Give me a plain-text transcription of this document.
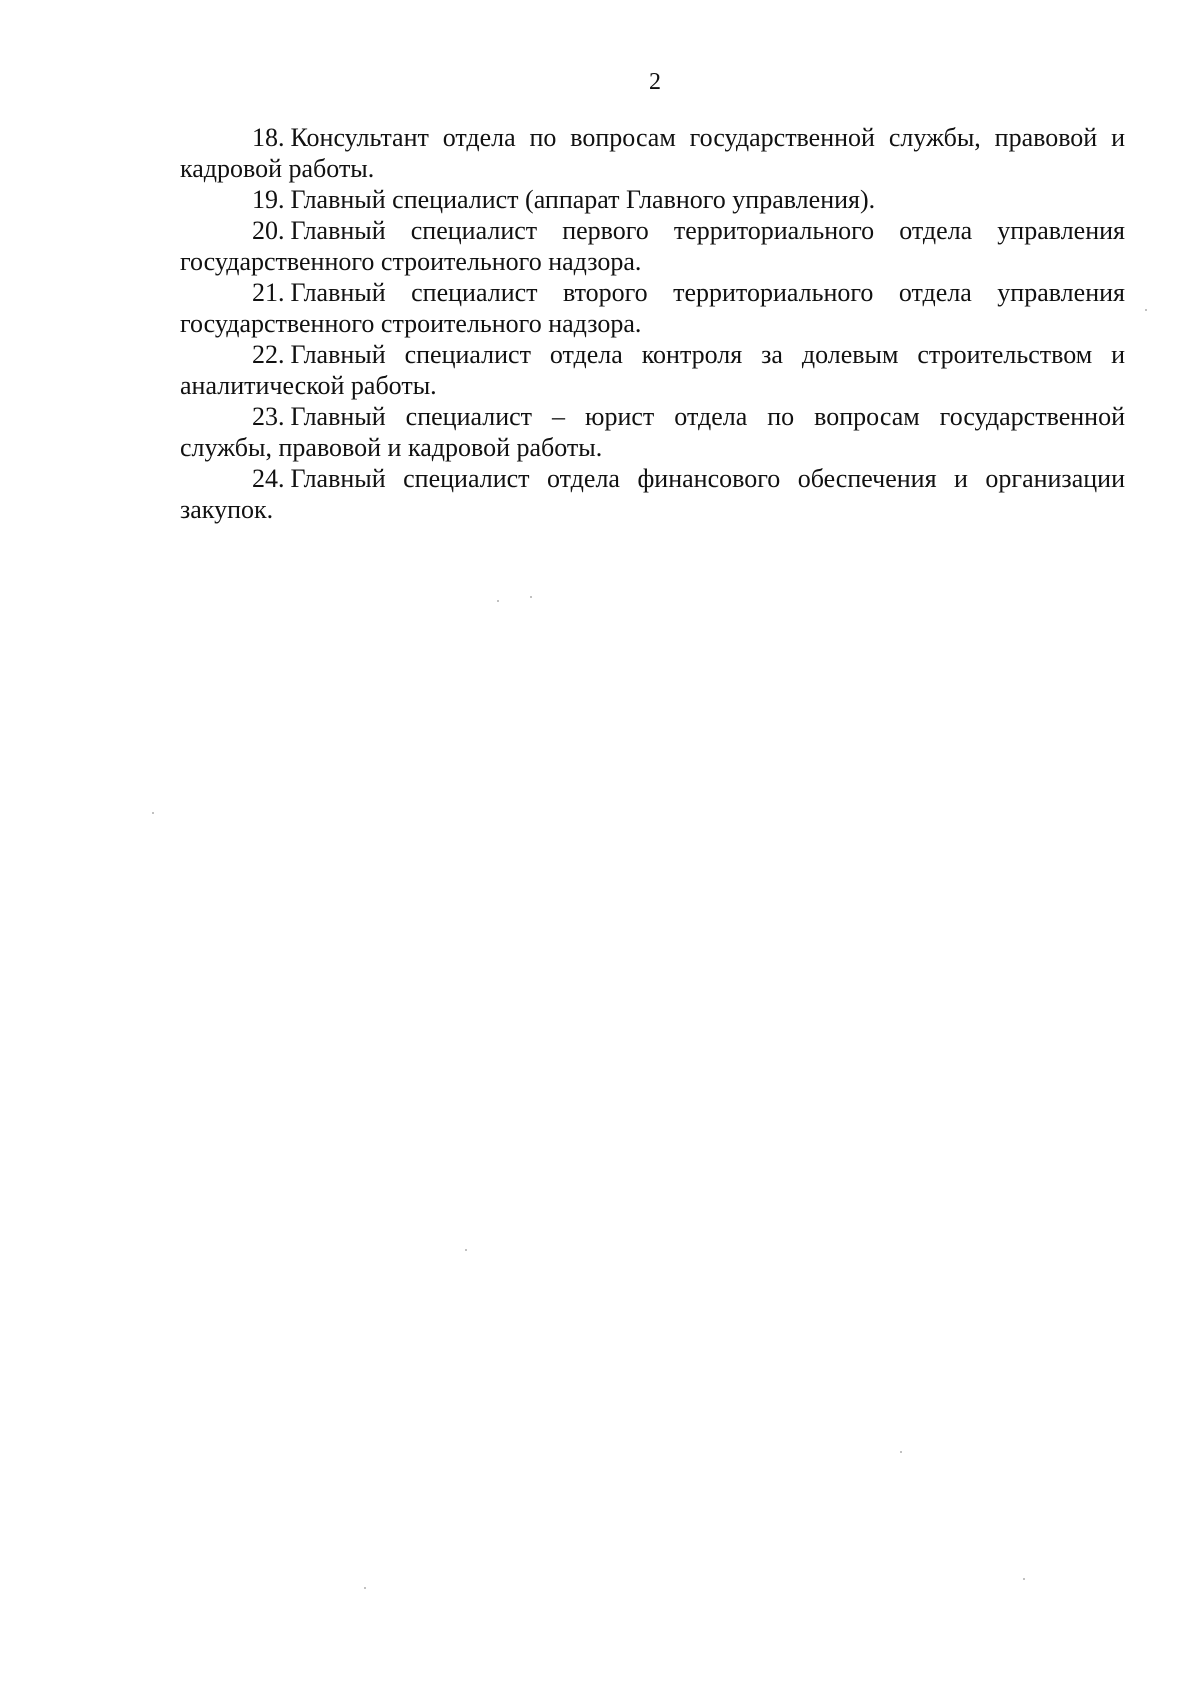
2

18. Консультант отдела по вопросам государственной службы, правовой и кадровой работы.

19. Главный специалист (аппарат Главного управления).

20. Главный специалист первого территориального отдела управления государственного строительного надзора.

21. Главный специалист второго территориального отдела управления государственного строительного надзора.

22. Главный специалист отдела контроля за долевым строительством и аналитической работы.

23. Главный специалист – юрист отдела по вопросам государственной службы, правовой и кадровой работы.

24. Главный специалист отдела финансового обеспечения и организации закупок.
